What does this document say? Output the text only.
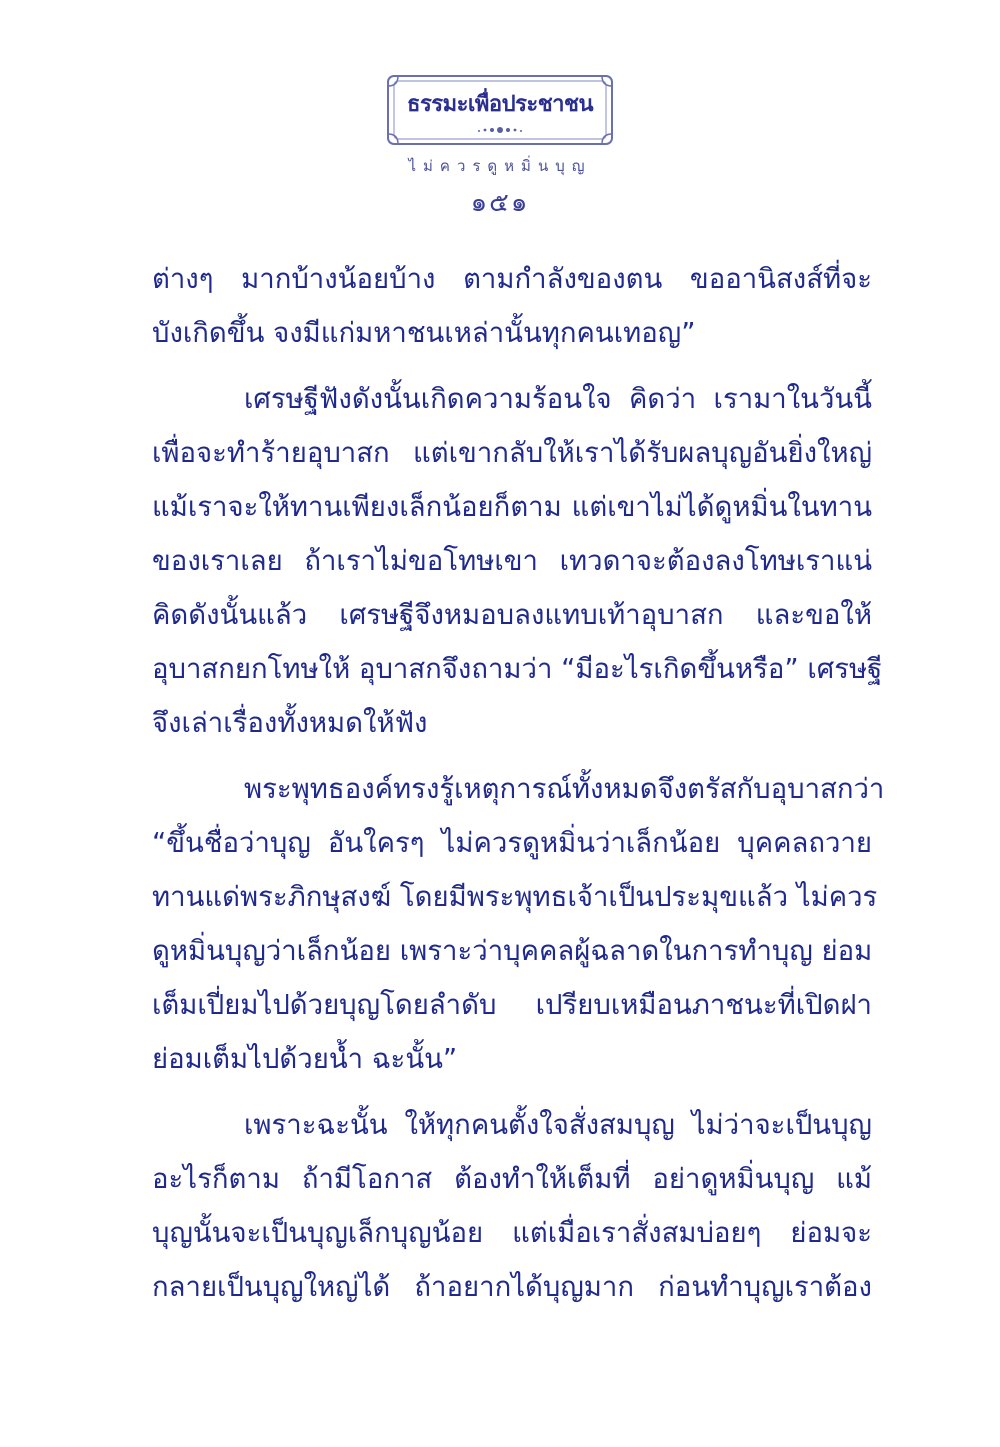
ธรรมะเพื่อประชาชน
ไม่ควรดูหมิ่นบุญ
๑๕๑
ต่างๆ มากบ้างน้อยบ้าง ตามกำลังของตน ขออานิสงส์ที่จะ
บังเกิดขึ้น จงมีแก่มหาชนเหล่านั้นทุกคนเทอญ”
เศรษฐีฟังดังนั้นเกิดความร้อนใจ คิดว่า เรามาในวันนี้
เพื่อจะทำร้ายอุบาสก แต่เขากลับให้เราได้รับผลบุญอันยิ่งใหญ่
แม้เราจะให้ทานเพียงเล็กน้อยก็ตาม แต่เขาไม่ได้ดูหมิ่นในทาน
ของเราเลย ถ้าเราไม่ขอโทษเขา เทวดาจะต้องลงโทษเราแน่
คิดดังนั้นแล้ว เศรษฐีจึงหมอบลงแทบเท้าอุบาสก และขอให้
อุบาสกยกโทษให้ อุบาสกจึงถามว่า “มีอะไรเกิดขึ้นหรือ” เศรษฐี
จึงเล่าเรื่องทั้งหมดให้ฟัง
พระพุทธองค์ทรงรู้เหตุการณ์ทั้งหมดจึงตรัสกับอุบาสกว่า
“ขึ้นชื่อว่าบุญ อันใครๆ ไม่ควรดูหมิ่นว่าเล็กน้อย บุคคลถวาย
ทานแด่พระภิกษุสงฆ์ โดยมีพระพุทธเจ้าเป็นประมุขแล้ว ไม่ควร
ดูหมิ่นบุญว่าเล็กน้อย เพราะว่าบุคคลผู้ฉลาดในการทำบุญ ย่อม
เต็มเปี่ยมไปด้วยบุญโดยลำดับ เปรียบเหมือนภาชนะที่เปิดฝา
ย่อมเต็มไปด้วยน้ำ ฉะนั้น”
เพราะฉะนั้น ให้ทุกคนตั้งใจสั่งสมบุญ ไม่ว่าจะเป็นบุญ
อะไรก็ตาม ถ้ามีโอกาส ต้องทำให้เต็มที่ อย่าดูหมิ่นบุญ แม้
บุญนั้นจะเป็นบุญเล็กบุญน้อย แต่เมื่อเราสั่งสมบ่อยๆ ย่อมจะ
กลายเป็นบุญใหญ่ได้ ถ้าอยากได้บุญมาก ก่อนทำบุญเราต้อง
